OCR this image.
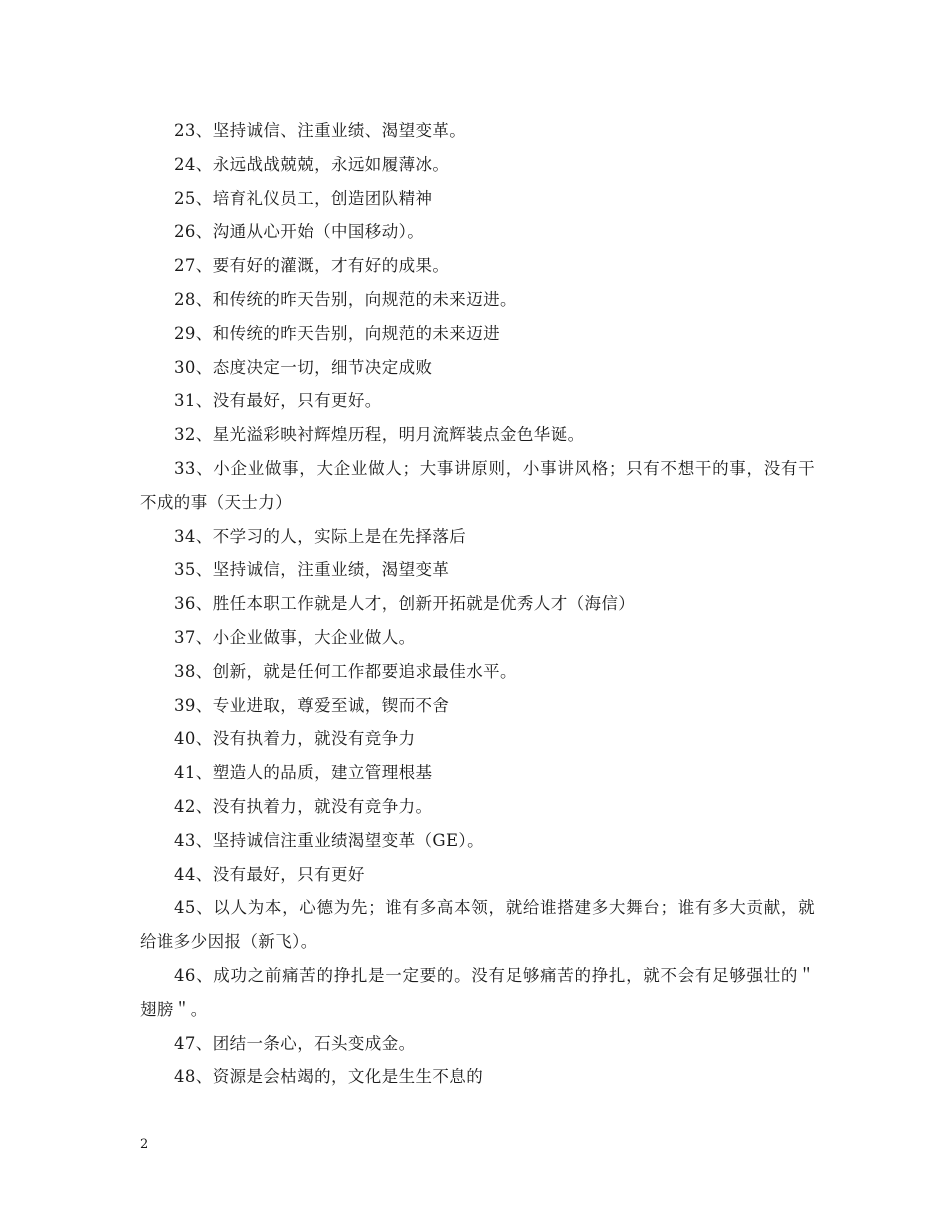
23、坚持诚信、注重业绩、渴望变革。

24、永远战战兢兢，永远如履薄冰。

25、培育礼仪员工，创造团队精神

26、沟通从心开始（中国移动）。

27、要有好的灌溉，才有好的成果。

28、和传统的昨天告别，向规范的未来迈进。

29、和传统的昨天告别，向规范的未来迈进

30、态度决定一切，细节决定成败

31、没有最好，只有更好。

32、星光溢彩映衬辉煌历程，明月流辉装点金色华诞。

33、小企业做事，大企业做人；大事讲原则，小事讲风格；只有不想干的事，没有干不成的事（天士力）

34、不学习的人，实际上是在先择落后

35、坚持诚信，注重业绩，渴望变革

36、胜任本职工作就是人才，创新开拓就是优秀人才（海信）

37、小企业做事，大企业做人。

38、创新，就是任何工作都要追求最佳水平。

39、专业进取，尊爱至诚，锲而不舍

40、没有执着力，就没有竞争力

41、塑造人的品质，建立管理根基

42、没有执着力，就没有竞争力。

43、坚持诚信注重业绩渴望变革（GE）。

44、没有最好，只有更好

45、以人为本，心德为先；谁有多高本领，就给谁搭建多大舞台；谁有多大贡献，就给谁多少因报（新飞）。

46、成功之前痛苦的挣扎是一定要的。没有足够痛苦的挣扎，就不会有足够强壮的＂翅膀＂。

47、团结一条心，石头变成金。

48、资源是会枯竭的，文化是生生不息的

2
